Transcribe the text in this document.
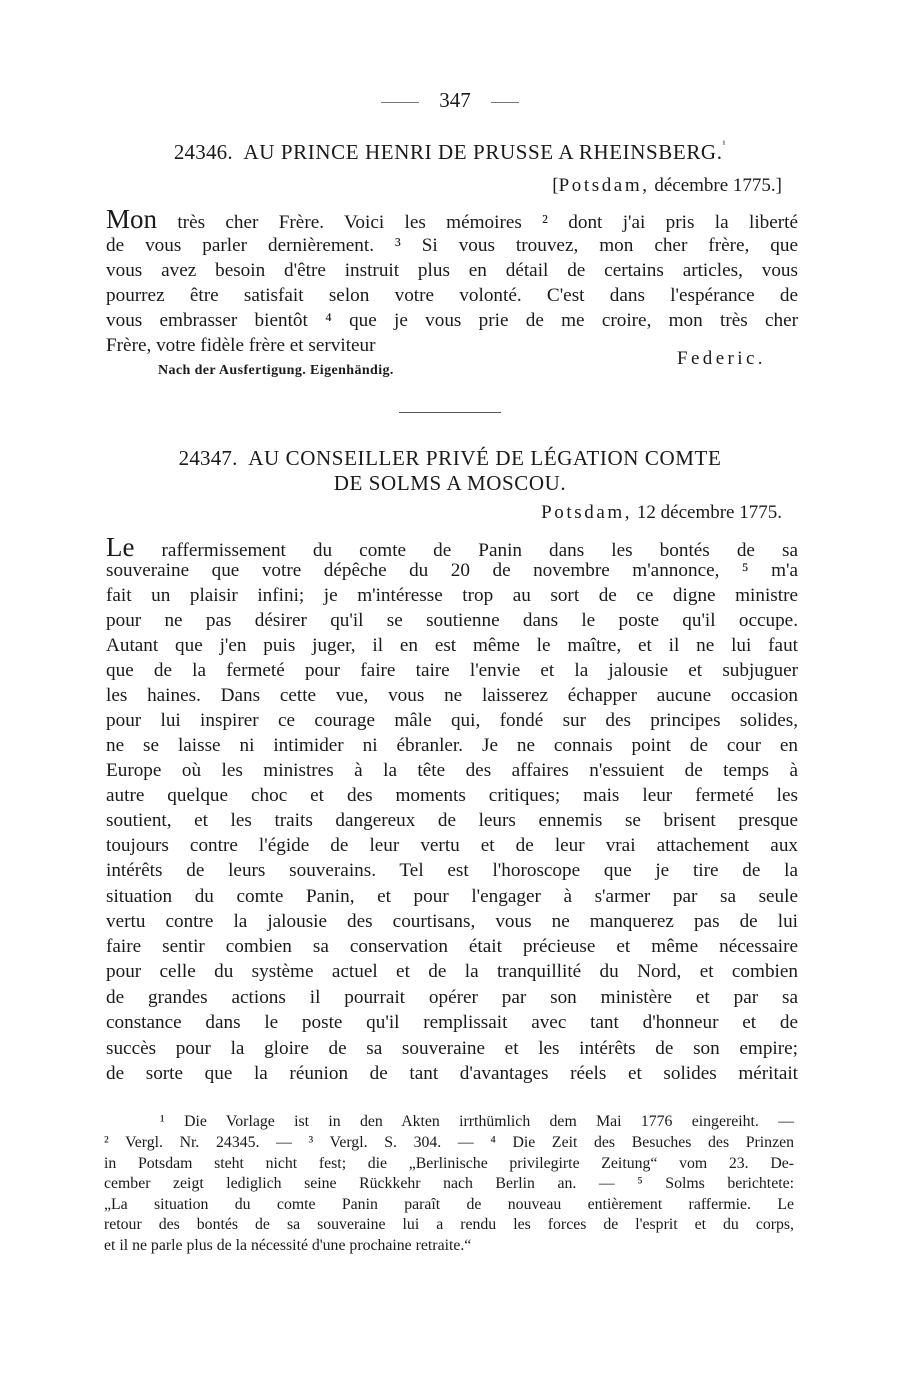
347
24346. AU PRINCE HENRI DE PRUSSE A RHEINSBERG.$^{^1}$
[Potsdam, décembre 1775.]
Mon très cher Frère. Voici les mémoires ² dont j'ai pris la liberté
de vous parler dernièrement. ³ Si vous trouvez, mon cher frère, que
vous avez besoin d'être instruit plus en détail de certains articles, vous
pourrez être satisfait selon votre volonté. C'est dans l'espérance de
vous embrasser bientôt ⁴ que je vous prie de me croire, mon très cher
Frère, votre fidèle frère et serviteur
Federic.
Nach der Ausfertigung. Eigenhändig.
24347. AU CONSEILLER PRIVÉ DE LÉGATION COMTE
DE SOLMS A MOSCOU.
Potsdam, 12 décembre 1775.
Le raffermissement du comte de Panin dans les bontés de sa
souveraine que votre dépêche du 20 de novembre m'annonce, ⁵ m'a
fait un plaisir infini; je m'intéresse trop au sort de ce digne ministre
pour ne pas désirer qu'il se soutienne dans le poste qu'il occupe.
Autant que j'en puis juger, il en est même le maître, et il ne lui faut
que de la fermeté pour faire taire l'envie et la jalousie et subjuguer
les haines. Dans cette vue, vous ne laisserez échapper aucune occasion
pour lui inspirer ce courage mâle qui, fondé sur des principes solides,
ne se laisse ni intimider ni ébranler. Je ne connais point de cour en
Europe où les ministres à la tête des affaires n'essuient de temps à
autre quelque choc et des moments critiques; mais leur fermeté les
soutient, et les traits dangereux de leurs ennemis se brisent presque
toujours contre l'égide de leur vertu et de leur vrai attachement aux
intérêts de leurs souverains. Tel est l'horoscope que je tire de la
situation du comte Panin, et pour l'engager à s'armer par sa seule
vertu contre la jalousie des courtisans, vous ne manquerez pas de lui
faire sentir combien sa conservation était précieuse et même nécessaire
pour celle du système actuel et de la tranquillité du Nord, et combien
de grandes actions il pourrait opérer par son ministère et par sa
constance dans le poste qu'il remplissait avec tant d'honneur et de
succès pour la gloire de sa souveraine et les intérêts de son empire;
de sorte que la réunion de tant d'avantages réels et solides méritait
¹ Die Vorlage ist in den Akten irrthümlich dem Mai 1776 eingereiht. —
² Vergl. Nr. 24345. — ³ Vergl. S. 304. — ⁴ Die Zeit des Besuches des Prinzen
in Potsdam steht nicht fest; die „Berlinische privilegirte Zeitung“ vom 23. De-
cember zeigt lediglich seine Rückkehr nach Berlin an. — ⁵ Solms berichtete:
„La situation du comte Panin paraît de nouveau entièrement raffermie. Le
retour des bontés de sa souveraine lui a rendu les forces de l'esprit et du corps,
et il ne parle plus de la nécessité d'une prochaine retraite.“
